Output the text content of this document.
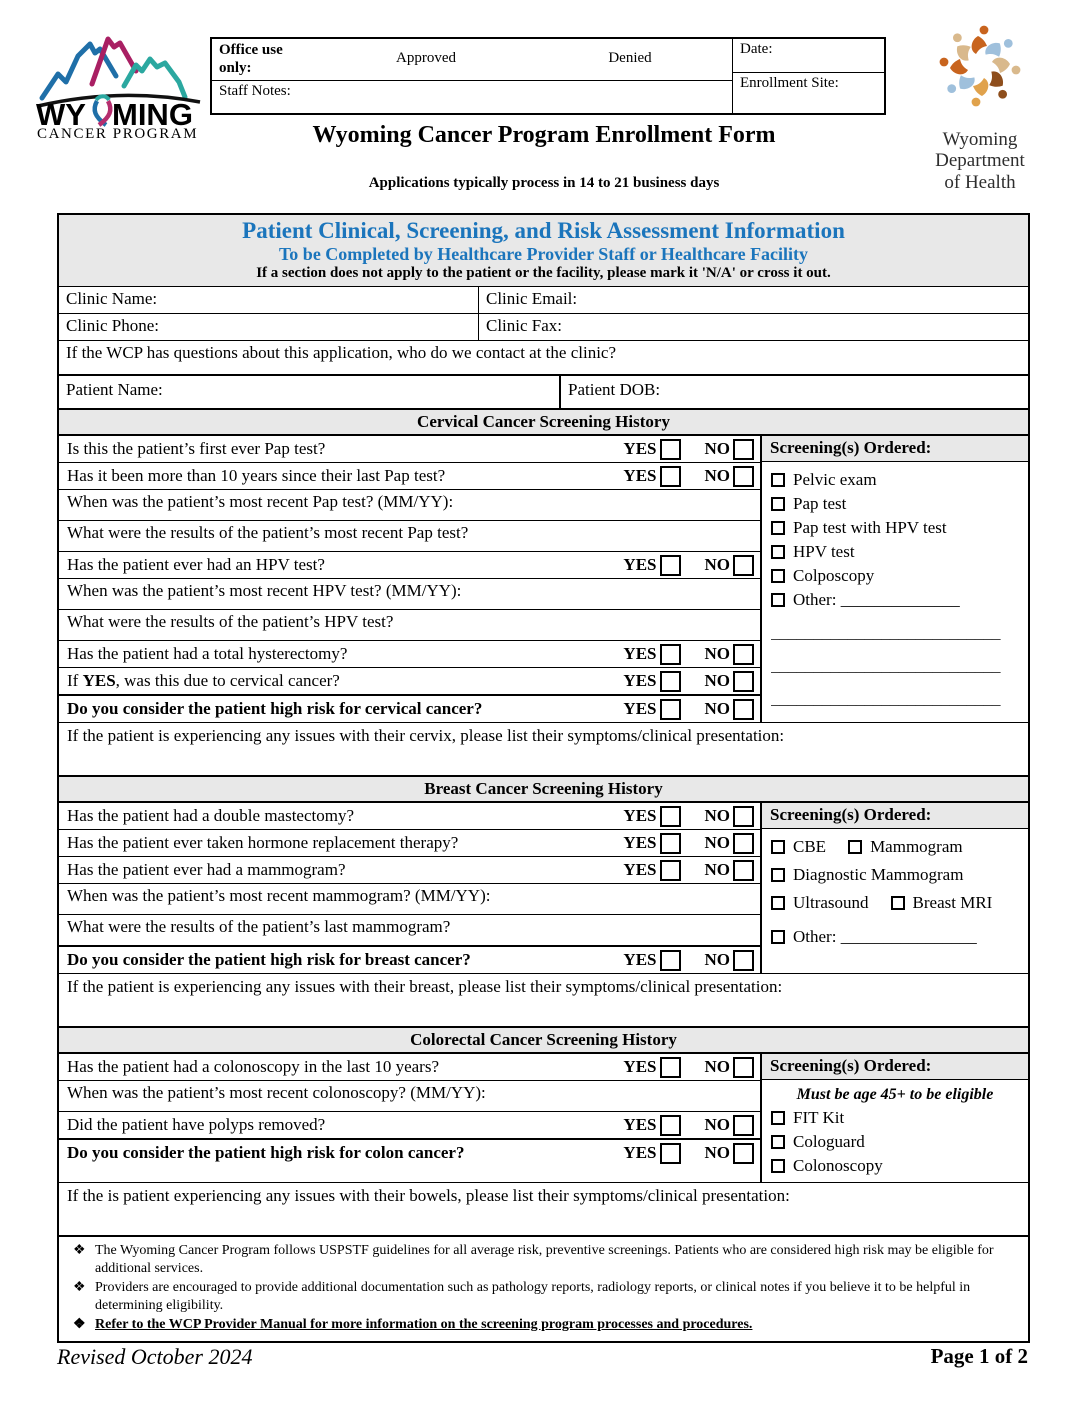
WY MING
CANCER PROGRAM
Office use only:
Approved	Denied
Staff Notes:
Date:
Enrollment Site:
Wyoming
Department
of Health
Wyoming Cancer Program Enrollment Form
Applications typically process in 14 to 21 business days
Patient Clinical, Screening, and Risk Assessment Information
To be Completed by Healthcare Provider Staff or Healthcare Facility
If a section does not apply to the patient or the facility, please mark it 'N/A' or cross it out.
Clinic Name:	Clinic Email:
Clinic Phone:	Clinic Fax:
If the WCP has questions about this application, who do we contact at the clinic?
Patient Name:	Patient DOB:
Cervical Cancer Screening History
Is this the patient’s first ever Pap test?	YES	NO
Has it been more than 10 years since their last Pap test?	YES	NO
When was the patient’s most recent Pap test? (MM/YY):
What were the results of the patient’s most recent Pap test?
Has the patient ever had an HPV test?	YES	NO
When was the patient’s most recent HPV test? (MM/YY):
What were the results of the patient’s HPV test?
Has the patient had a total hysterectomy?	YES	NO
If YES, was this due to cervical cancer?	YES	NO
Do you consider the patient high risk for cervical cancer?	YES	NO
Screening(s) Ordered:
Pelvic exam
Pap test
Pap test with HPV test
HPV test
Colposcopy
Other:
______________
___________________________
___________________________
___________________________
If the patient is experiencing any issues with their cervix, please list their symptoms/clinical presentation:
Breast Cancer Screening History
Has the patient had a double mastectomy?	YES	NO
Has the patient ever taken hormone replacement therapy?	YES	NO
Has the patient ever had a mammogram?	YES	NO
When was the patient’s most recent mammogram? (MM/YY):
What were the results of the patient’s last mammogram?
Do you consider the patient high risk for breast cancer?	YES	NO
Screening(s) Ordered:
CBE	Mammogram
Diagnostic Mammogram
Ultrasound	Breast MRI
Other:
________________
If the patient is experiencing any issues with their breast, please list their symptoms/clinical presentation:
Colorectal Cancer Screening History
Has the patient had a colonoscopy in the last 10 years?	YES	NO
When was the patient’s most recent colonoscopy? (MM/YY):
Did the patient have polyps removed?	YES	NO
Do you consider the patient high risk for colon cancer?	YES	NO
Screening(s) Ordered:
Must be age 45+ to be eligible
FIT Kit
Cologuard
Colonoscopy
If the is patient experiencing any issues with their bowels, please list their symptoms/clinical presentation:
❖ The Wyoming Cancer Program follows USPSTF guidelines for all average risk, preventive screenings. Patients who are considered high risk may be eligible for additional services.
❖ Providers are encouraged to provide additional documentation such as pathology reports, radiology reports, or clinical notes if you believe it to be helpful in determining eligibility.
❖ Refer to the WCP Provider Manual for more information on the screening program processes and procedures.
Revised October 2024	Page 1 of 2
